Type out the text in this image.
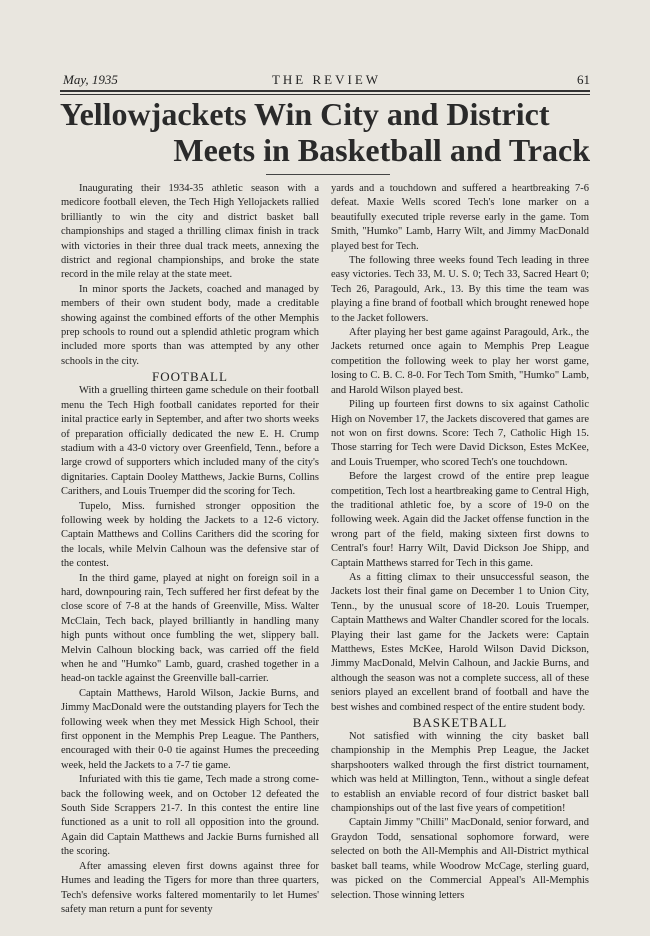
May, 1935	THE REVIEW	61
Yellowjackets Win City and District
Meets in Basketball and Track

Inaugurating their 1934-35 athletic season with a medicore football eleven, the Tech High Yellojackets rallied brilliantly to win the city and district basket ball championships and staged a thrilling climax finish in track with victories in their three dual track meets, annexing the district and regional championships, and broke the state record in the mile relay at the state meet.

In minor sports the Jackets, coached and managed by members of their own student body, made a creditable showing against the combined efforts of the other Memphis prep schools to round out a splendid athletic program which included more sports than was attempted by any other schools in the city.

FOOTBALL

With a gruelling thirteen game schedule on their football menu the Tech High football canidates reported for their inital practice early in September, and after two shorts weeks of preparation officially dedicated the new E. H. Crump stadium with a 43-0 victory over Greenfield, Tenn., before a large crowd of supporters which included many of the city's dignitaries. Captain Dooley Matthews, Jackie Burns, Collins Carithers, and Louis Truemper did the scoring for Tech.

Tupelo, Miss. furnished stronger opposition the following week by holding the Jackets to a 12-6 victory. Captain Matthews and Collins Carithers did the scoring for the locals, while Melvin Calhoun was the defensive star of the contest.

In the third game, played at night on foreign soil in a hard, downpouring rain, Tech suffered her first defeat by the close score of 7-8 at the hands of Greenville, Miss. Walter McClain, Tech back, played brilliantly in handling many high punts without once fumbling the wet, slippery ball. Melvin Calhoun blocking back, was carried off the field when he and "Humko" Lamb, guard, crashed together in a head-on tackle against the Greenville ball-carrier.

Captain Matthews, Harold Wilson, Jackie Burns, and Jimmy MacDonald were the outstanding players for Tech the following week when they met Messick High School, their first opponent in the Memphis Prep League. The Panthers, encouraged with their 0-0 tie against Humes the preceeding week, held the Jackets to a 7-7 tie game.

Infuriated with this tie game, Tech made a strong come-back the following week, and on October 12 defeated the South Side Scrappers 21-7. In this contest the entire line functioned as a unit to roll all opposition into the ground. Again did Captain Matthews and Jackie Burns furnished all the scoring.

After amassing eleven first downs against three for Humes and leading the Tigers for more than three quarters, Tech's defensive works faltered momentarily to let Humes' safety man return a punt for seventy

yards and a touchdown and suffered a heartbreaking 7-6 defeat. Maxie Wells scored Tech's lone marker on a beautifully executed triple reverse early in the game. Tom Smith, "Humko" Lamb, Harry Wilt, and Jimmy MacDonald played best for Tech.

The following three weeks found Tech leading in three easy victories. Tech 33, M. U. S. 0; Tech 33, Sacred Heart 0; Tech 26, Paragould, Ark., 13. By this time the team was playing a fine brand of football which brought renewed hope to the Jacket followers.

After playing her best game against Paragould, Ark., the Jackets returned once again to Memphis Prep League competition the following week to play her worst game, losing to C. B. C. 8-0. For Tech Tom Smith, "Humko" Lamb, and Harold Wilson played best.

Piling up fourteen first downs to six against Catholic High on November 17, the Jackets discovered that games are not won on first downs. Score: Tech 7, Catholic High 15. Those starring for Tech were David Dickson, Estes McKee, and Louis Truemper, who scored Tech's one touchdown.

Before the largest crowd of the entire prep league competition, Tech lost a heartbreaking game to Central High, the traditional athletic foe, by a score of 19-0 on the following week. Again did the Jacket offense function in the wrong part of the field, making sixteen first downs to Central's four! Harry Wilt, David Dickson Joe Shipp, and Captain Matthews starred for Tech in this game.

As a fitting climax to their unsuccessful season, the Jackets lost their final game on December 1 to Union City, Tenn., by the unusual score of 18-20. Louis Truemper, Captain Matthews and Walter Chandler scored for the locals. Playing their last game for the Jackets were: Captain Matthews, Estes McKee, Harold Wilson David Dickson, Jimmy MacDonald, Melvin Calhoun, and Jackie Burns, and although the season was not a complete success, all of these seniors played an excellent brand of football and have the best wishes and combined respect of the entire student body.

BASKETBALL

Not satisfied with winning the city basket ball championship in the Memphis Prep League, the Jacket sharpshooters walked through the first district tournament, which was held at Millington, Tenn., without a single defeat to establish an enviable record of four district basket ball championships out of the last five years of competition!

Captain Jimmy "Chilli" MacDonald, senior forward, and Graydon Todd, sensational sophomore forward, were selected on both the All-Memphis and All-District mythical basket ball teams, while Woodrow McCage, sterling guard, was picked on the Commercial Appeal's All-Memphis selection. Those winning letters
